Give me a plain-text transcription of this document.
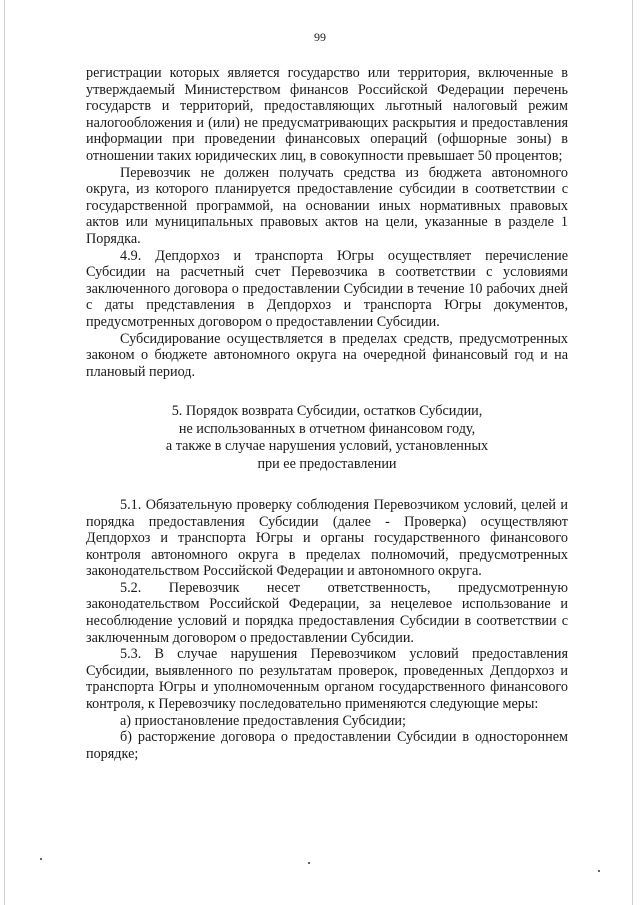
99

регистрации которых является государство или территория, включенные в утверждаемый Министерством финансов Российской Федерации перечень государств и территорий, предоставляющих льготный налоговый режим налогообложения и (или) не предусматривающих раскрытия и предоставления информации при проведении финансовых операций (офшорные зоны) в отношении таких юридических лиц, в совокупности превышает 50 процентов;

Перевозчик не должен получать средства из бюджета автономного округа, из которого планируется предоставление субсидии в соответствии с государственной программой, на основании иных нормативных правовых актов или муниципальных правовых актов на цели, указанные в разделе 1 Порядка.

4.9. Депдорхоз и транспорта Югры осуществляет перечисление Субсидии на расчетный счет Перевозчика в соответствии с условиями заключенного договора о предоставлении Субсидии в течение 10 рабочих дней с даты представления в Депдорхоз и транспорта Югры документов, предусмотренных договором о предоставлении Субсидии.

Субсидирование осуществляется в пределах средств, предусмотренных законом о бюджете автономного округа на очередной финансовый год и на плановый период.

5. Порядок возврата Субсидии, остатков Субсидии,
не использованных в отчетном финансовом году,
а также в случае нарушения условий, установленных
при ее предоставлении

5.1. Обязательную проверку соблюдения Перевозчиком условий, целей и порядка предоставления Субсидии (далее - Проверка) осуществляют Депдорхоз и транспорта Югры и органы государственного финансового контроля автономного округа в пределах полномочий, предусмотренных законодательством Российской Федерации и автономного округа.

5.2. Перевозчик несет ответственность, предусмотренную законодательством Российской Федерации, за нецелевое использование и несоблюдение условий и порядка предоставления Субсидии в соответствии с заключенным договором о предоставлении Субсидии.

5.3. В случае нарушения Перевозчиком условий предоставления Субсидии, выявленного по результатам проверок, проведенных Депдорхоз и транспорта Югры и уполномоченным органом государственного финансового контроля, к Перевозчику последовательно применяются следующие меры:

а) приостановление предоставления Субсидии;

б) расторжение договора о предоставлении Субсидии в одностороннем порядке;
